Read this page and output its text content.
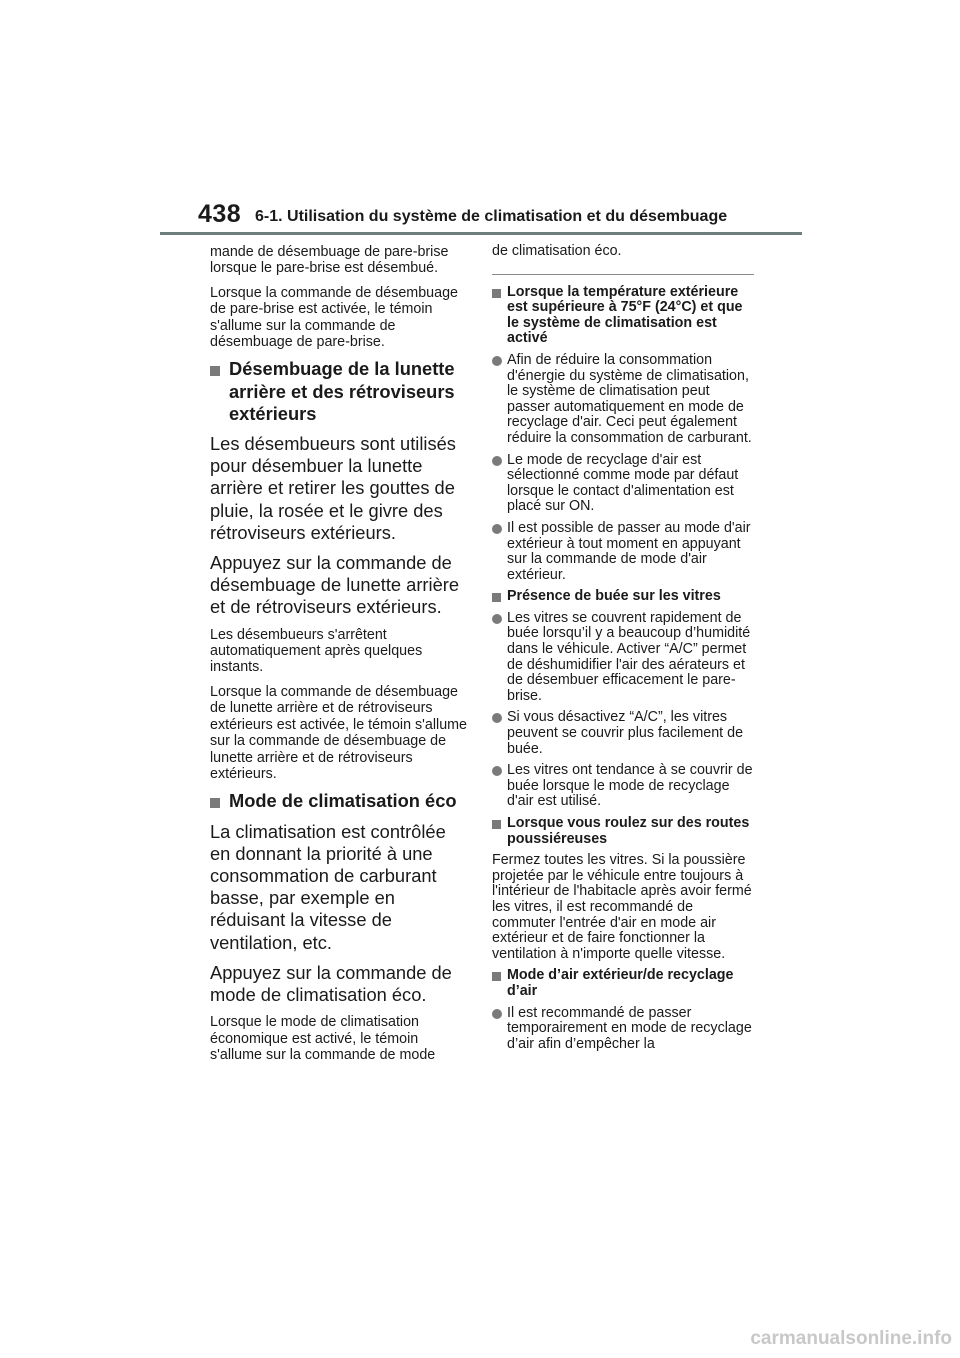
438 6-1. Utilisation du système de climatisation et du désembuage

mande de désembuage de pare-brise lorsque le pare-brise est désembué.

Lorsque la commande de désembuage de pare-brise est activée, le témoin s'allume sur la commande de désembuage de pare-brise.

Désembuage de la lunette arrière et des rétroviseurs extérieurs

Les désembueurs sont utilisés pour désembuer la lunette arrière et retirer les gouttes de pluie, la rosée et le givre des rétroviseurs extérieurs.

Appuyez sur la commande de désembuage de lunette arrière et de rétroviseurs extérieurs.

Les désembueurs s'arrêtent automatiquement après quelques instants.

Lorsque la commande de désembuage de lunette arrière et de rétroviseurs extérieurs est activée, le témoin s'allume sur la commande de désembuage de lunette arrière et de rétroviseurs extérieurs.

Mode de climatisation éco

La climatisation est contrôlée en donnant la priorité à une consommation de carburant basse, par exemple en réduisant la vitesse de ventilation, etc.

Appuyez sur la commande de mode de climatisation éco.

Lorsque le mode de climatisation économique est activé, le témoin s'allume sur la commande de mode

de climatisation éco.

Lorsque la température extérieure est supérieure à 75°F (24°C) et que le système de climatisation est activé
Afin de réduire la consommation d'énergie du système de climatisation, le système de climatisation peut passer automatiquement en mode de recyclage d'air. Ceci peut également réduire la consommation de carburant.
Le mode de recyclage d'air est sélectionné comme mode par défaut lorsque le contact d'alimentation est placé sur ON.
Il est possible de passer au mode d'air extérieur à tout moment en appuyant sur la commande de mode d'air extérieur.
Présence de buée sur les vitres
Les vitres se couvrent rapidement de buée lorsqu’il y a beaucoup d’humidité dans le véhicule. Activer “A/C” permet de déshumidifier l'air des aérateurs et de désembuer efficacement le pare-brise.
Si vous désactivez “A/C”, les vitres peuvent se couvrir plus facilement de buée.
Les vitres ont tendance à se couvrir de buée lorsque le mode de recyclage d'air est utilisé.
Lorsque vous roulez sur des routes poussiéreuses

Fermez toutes les vitres. Si la poussière projetée par le véhicule entre toujours à l'intérieur de l'habitacle après avoir fermé les vitres, il est recommandé de commuter l'entrée d'air en mode air extérieur et de faire fonctionner la ventilation à n'importe quelle vitesse.

Mode d’air extérieur/de recyclage d’air
Il est recommandé de passer temporairement en mode de recyclage d’air afin d’empêcher la
carmanualsonline.info
